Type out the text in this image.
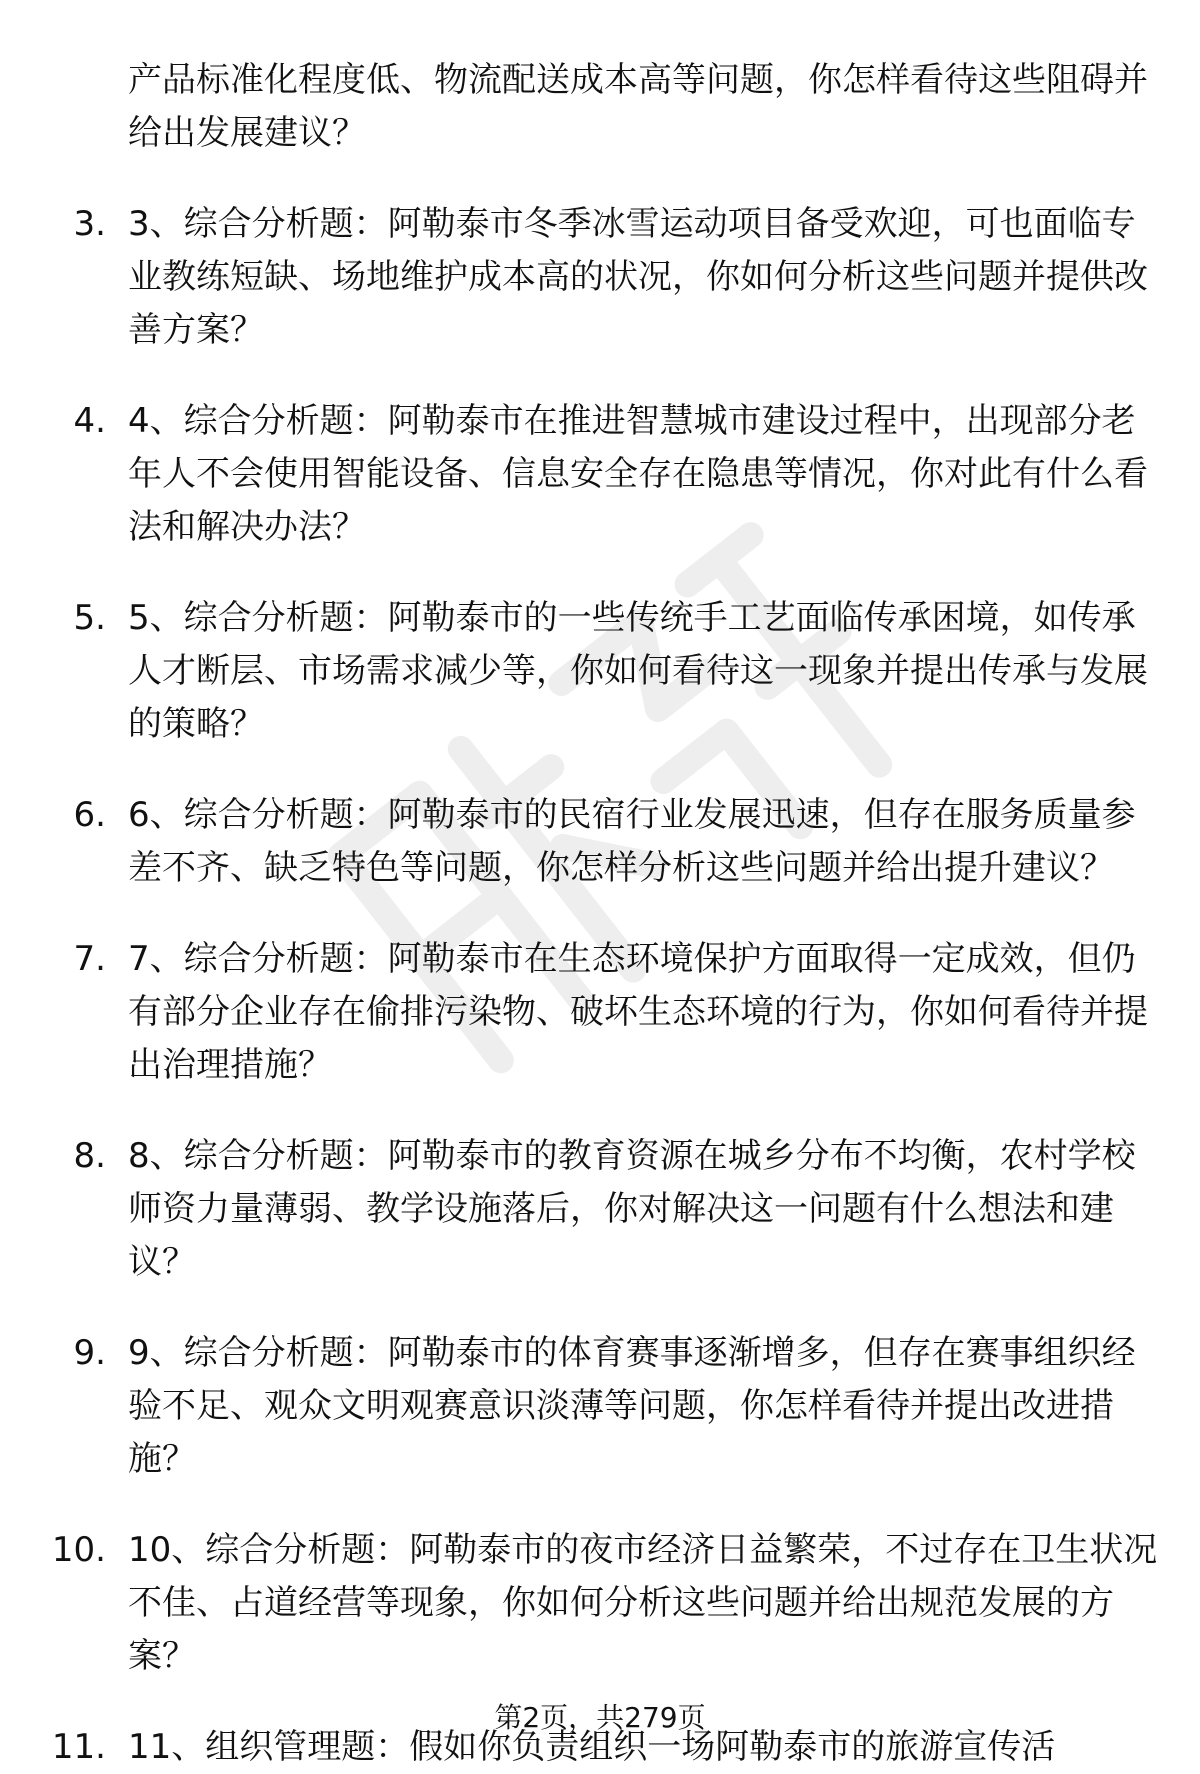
产品标准化程度低、物流配送成本高等问题，你怎样看待这些阻碍并给出发展建议？
3. 3、综合分析题：阿勒泰市冬季冰雪运动项目备受欢迎，可也面临专业教练短缺、场地维护成本高的状况，你如何分析这些问题并提供改善方案？
4. 4、综合分析题：阿勒泰市在推进智慧城市建设过程中，出现部分老年人不会使用智能设备、信息安全存在隐患等情况，你对此有什么看法和解决办法？
5. 5、综合分析题：阿勒泰市的一些传统手工艺面临传承困境，如传承人才断层、市场需求减少等，你如何看待这一现象并提出传承与发展的策略？
6. 6、综合分析题：阿勒泰市的民宿行业发展迅速，但存在服务质量参差不齐、缺乏特色等问题，你怎样分析这些问题并给出提升建议？
7. 7、综合分析题：阿勒泰市在生态环境保护方面取得一定成效，但仍有部分企业存在偷排污染物、破坏生态环境的行为，你如何看待并提出治理措施？
8. 8、综合分析题：阿勒泰市的教育资源在城乡分布不均衡，农村学校师资力量薄弱、教学设施落后，你对解决这一问题有什么想法和建议？
9. 9、综合分析题：阿勒泰市的体育赛事逐渐增多，但存在赛事组织经验不足、观众文明观赛意识淡薄等问题，你怎样看待并提出改进措施？
10. 10、综合分析题：阿勒泰市的夜市经济日益繁荣，不过存在卫生状况不佳、占道经营等现象，你如何分析这些问题并给出规范发展的方案？
11. 11、组织管理题：假如你负责组织一场阿勒泰市的旅游宣传活
第2页，共279页
